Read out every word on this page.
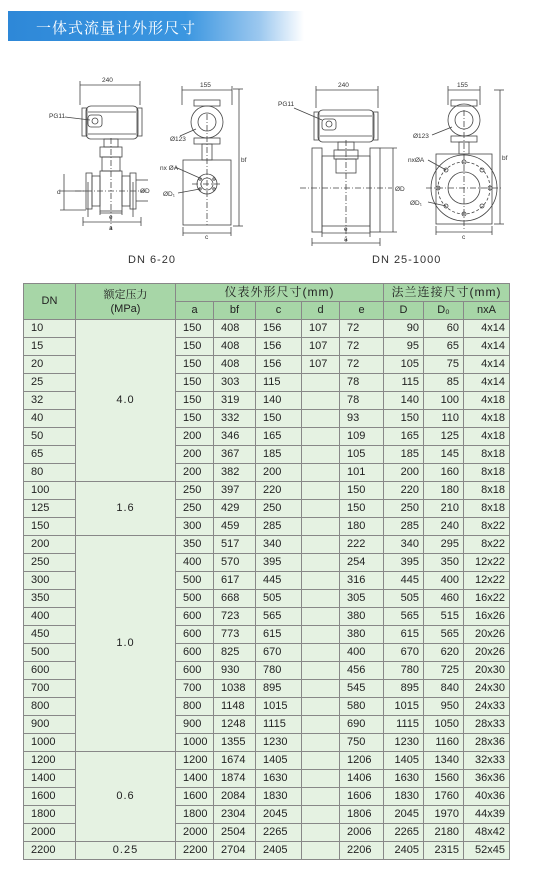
一体式流量计外形尺寸
240
PG11
155
Ø123
nx ØA
ØD₁
ØD
bf
d
e
a
c
240
PG11
155
Ø123
nxØA
ØD₁
ØD
bf
e
a	c
DN 6-20	DN 25-1000
DN	额定压力
(MPa)	仪表外形尺寸(mm)					法兰连接尺寸(mm)		
		a	bf	c	d	e	D	D₀	nxA
10	4.0	150	408	156	107	72	90	60	4x14
15		150	408	156	107	72	95	65	4x14
20		150	408	156	107	72	105	75	4x14
25		150	303	115		78	115	85	4x14
32		150	319	140		78	140	100	4x18
40		150	332	150		93	150	110	4x18
50		200	346	165		109	165	125	4x18
65		200	367	185		105	185	145	8x18
80		200	382	200		101	200	160	8x18
100	1.6	250	397	220		150	220	180	8x18
125		250	429	250		150	250	210	8x18
150		300	459	285		180	285	240	8x22
200	1.0	350	517	340		222	340	295	8x22
250		400	570	395		254	395	350	12x22
300		500	617	445		316	445	400	12x22
350		500	668	505		305	505	460	16x22
400		600	723	565		380	565	515	16x26
450		600	773	615		380	615	565	20x26
500		600	825	670		400	670	620	20x26
600		600	930	780		456	780	725	20x30
700		700	1038	895		545	895	840	24x30
800		800	1148	1015		580	1015	950	24x33
900		900	1248	1115		690	1115	1050	28x33
1000		1000	1355	1230		750	1230	1160	28x36
1200	0.6	1200	1674	1405		1206	1405	1340	32x33
1400		1400	1874	1630		1406	1630	1560	36x36
1600		1600	2084	1830		1606	1830	1760	40x36
1800		1800	2304	2045		1806	2045	1970	44x39
2000		2000	2504	2265		2006	2265	2180	48x42
2200	0.25	2200	2704	2405		2206	2405	2315	52x45
